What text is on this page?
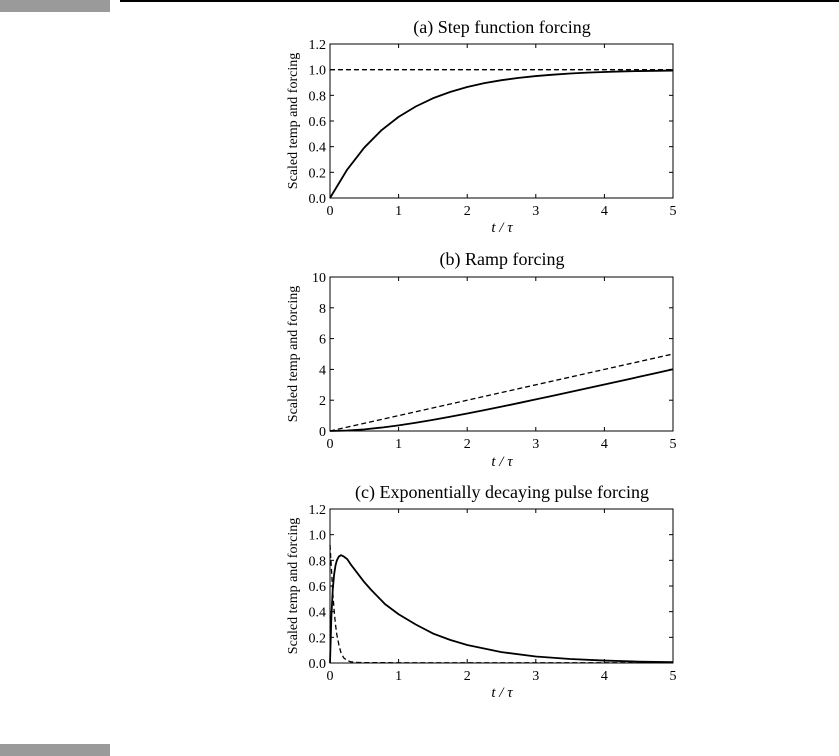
(a) Step function forcing
0	1	2	3	4	5
0.0
0.2
0.4
0.6
0.8
1.0
1.2
Scaled temp and forcing
t / τ
(b) Ramp forcing
0	1	2	3	4	5
0
2
4
6
8
10
Scaled temp and forcing
t / τ
(c) Exponentially decaying pulse forcing
0	1	2	3	4	5
0.0
0.2
0.4
0.6
0.8
1.0
1.2
Scaled temp and forcing
t / τ
